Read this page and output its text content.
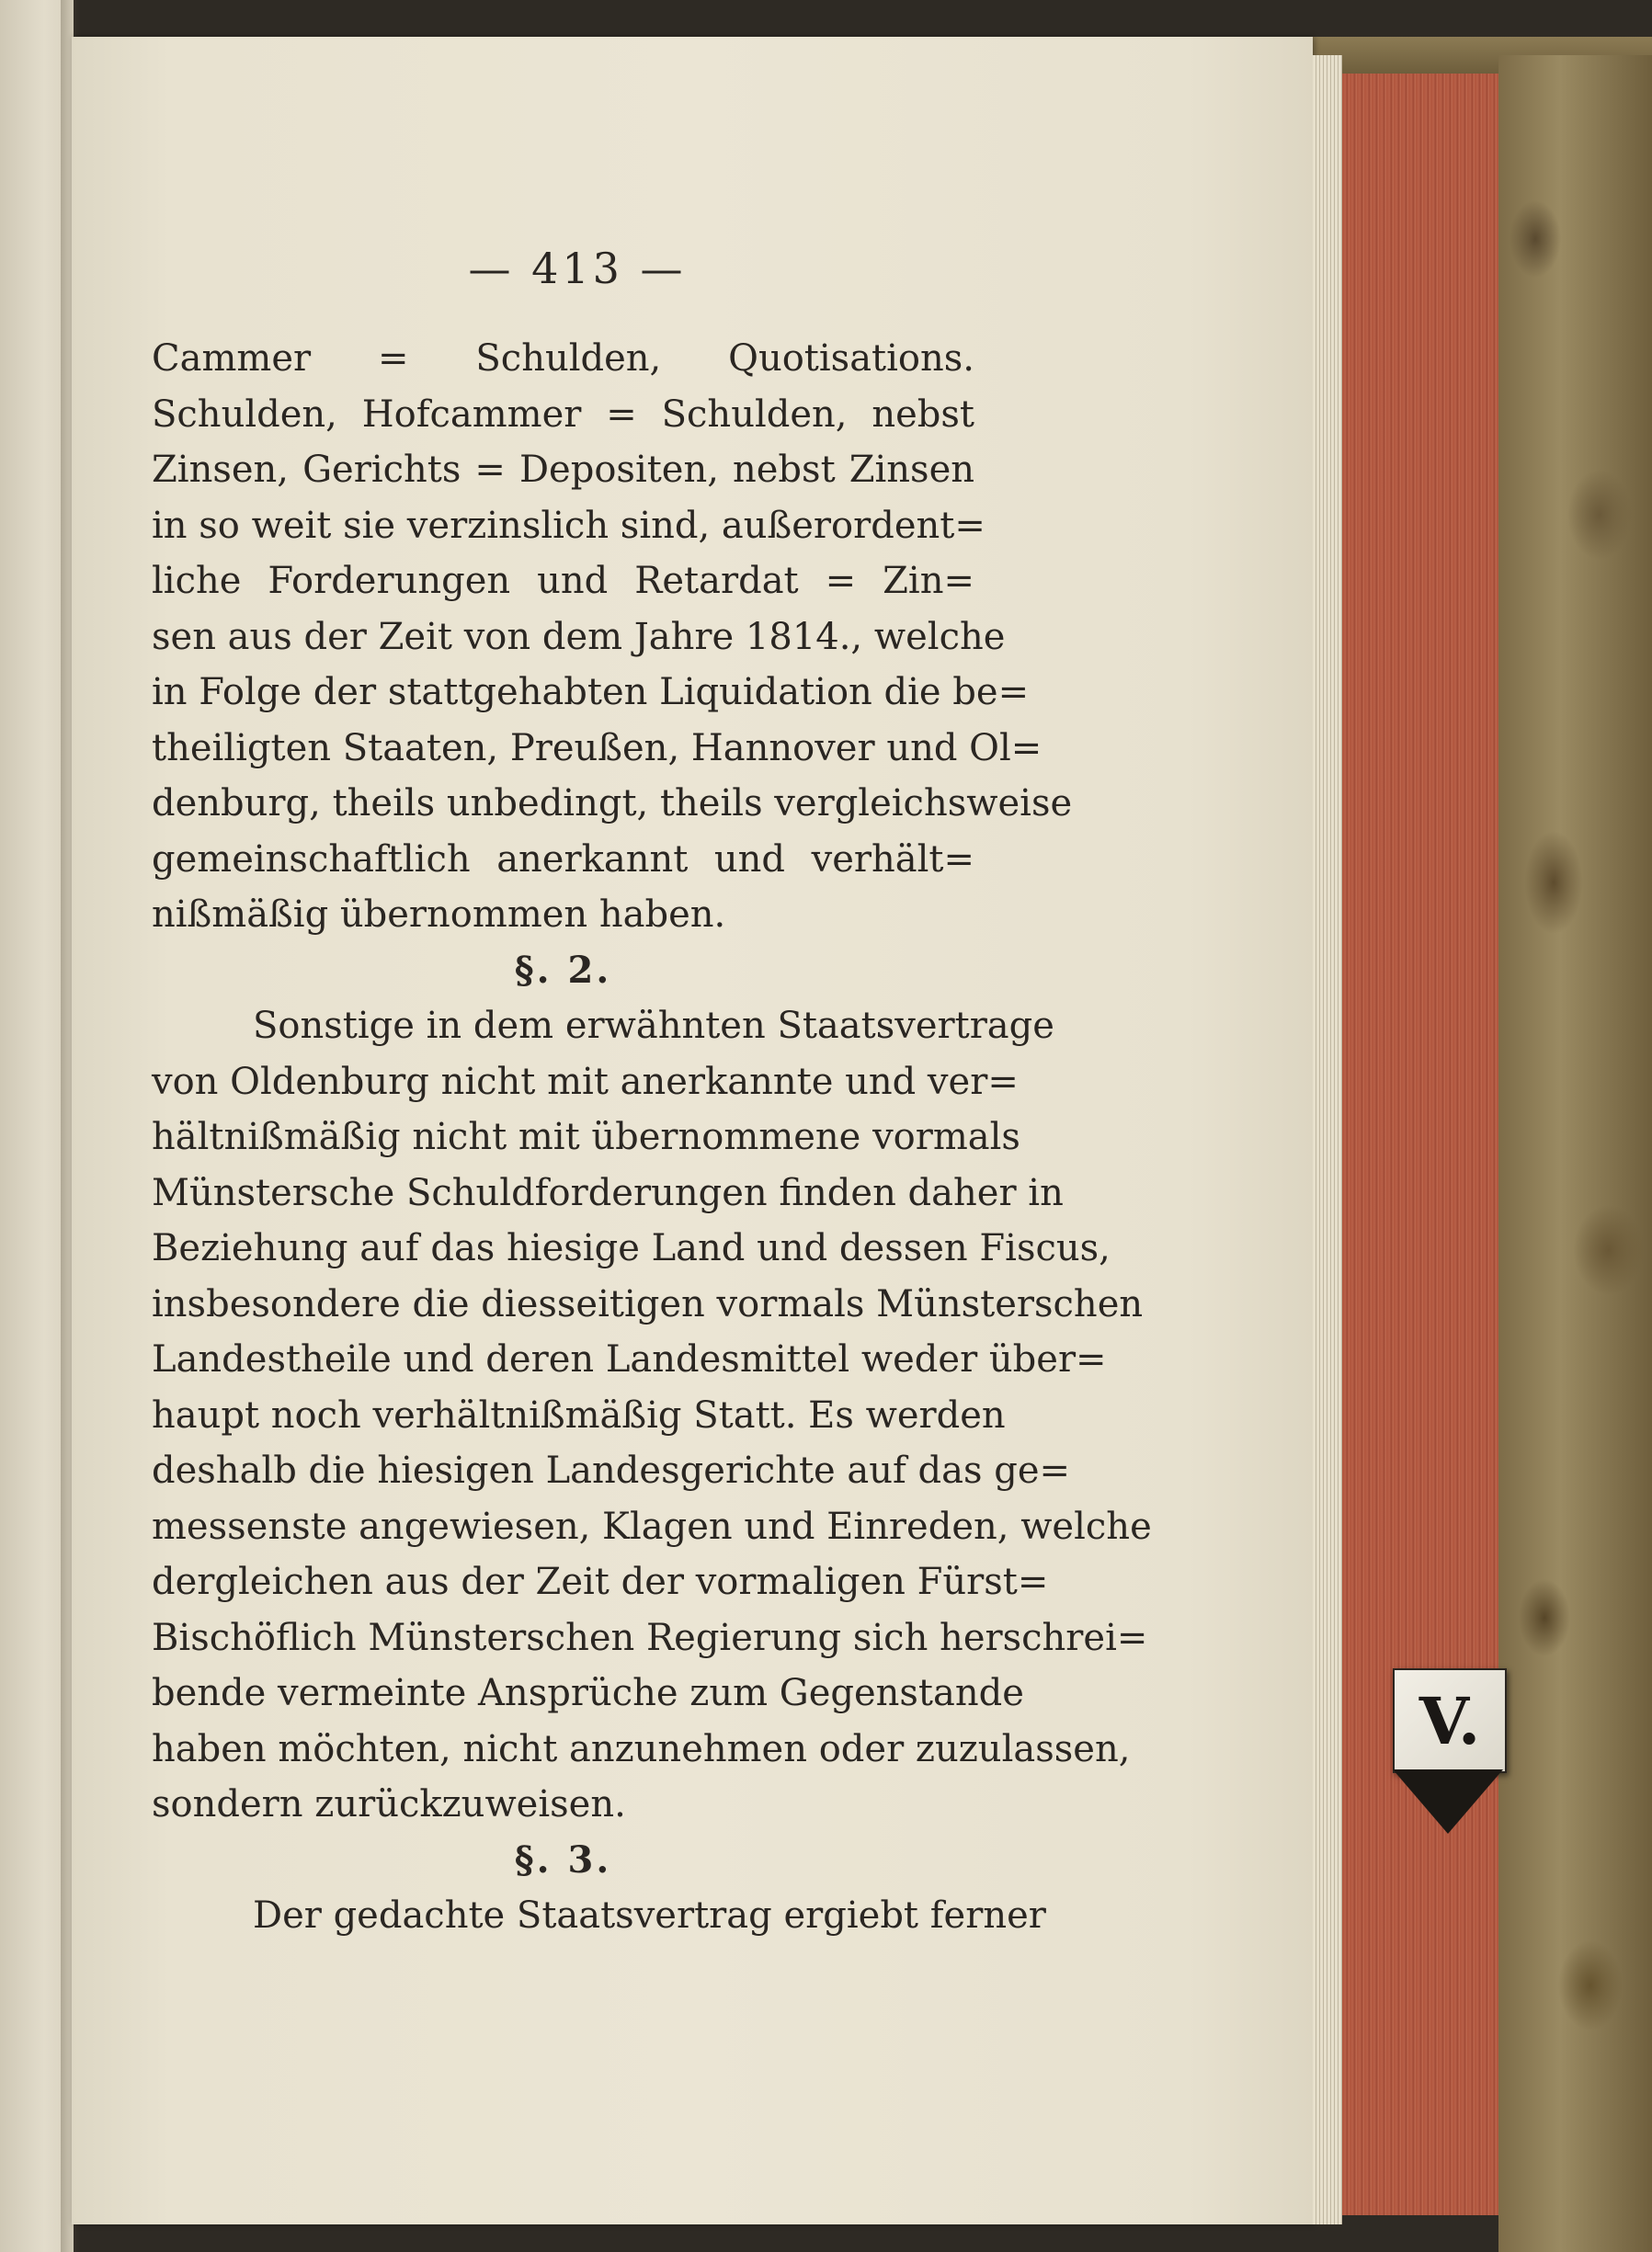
— 413 —
Cammer = Schulden, Quotisations.
Schulden, Hofcammer = Schulden, nebst
Zinsen, Gerichts = Depositen, nebst Zinsen
in so weit sie verzinslich sind, außerordent=
liche Forderungen und Retardat = Zin=
sen aus der Zeit von dem Jahre 1814., welche
in Folge der stattgehabten Liquidation die be=
theiligten Staaten, Preußen, Hannover und Ol=
denburg, theils unbedingt, theils vergleichsweise
gemeinschaftlich anerkannt und verhält=
nißmäßig übernommen haben.
§. 2.
Sonstige in dem erwähnten Staatsvertrage
von Oldenburg nicht mit anerkannte und ver=
hältnißmäßig nicht mit übernommene vormals
Münstersche Schuldforderungen finden daher in
Beziehung auf das hiesige Land und dessen Fiscus,
insbesondere die diesseitigen vormals Münsterschen
Landestheile und deren Landesmittel weder über=
haupt noch verhältnißmäßig Statt. Es werden
deshalb die hiesigen Landesgerichte auf das ge=
messenste angewiesen, Klagen und Einreden, welche
dergleichen aus der Zeit der vormaligen Fürst=
Bischöflich Münsterschen Regierung sich herschrei=
bende vermeinte Ansprüche zum Gegenstande
haben möchten, nicht anzunehmen oder zuzulassen,
sondern zurückzuweisen.
§. 3.
Der gedachte Staatsvertrag ergiebt ferner
V.
